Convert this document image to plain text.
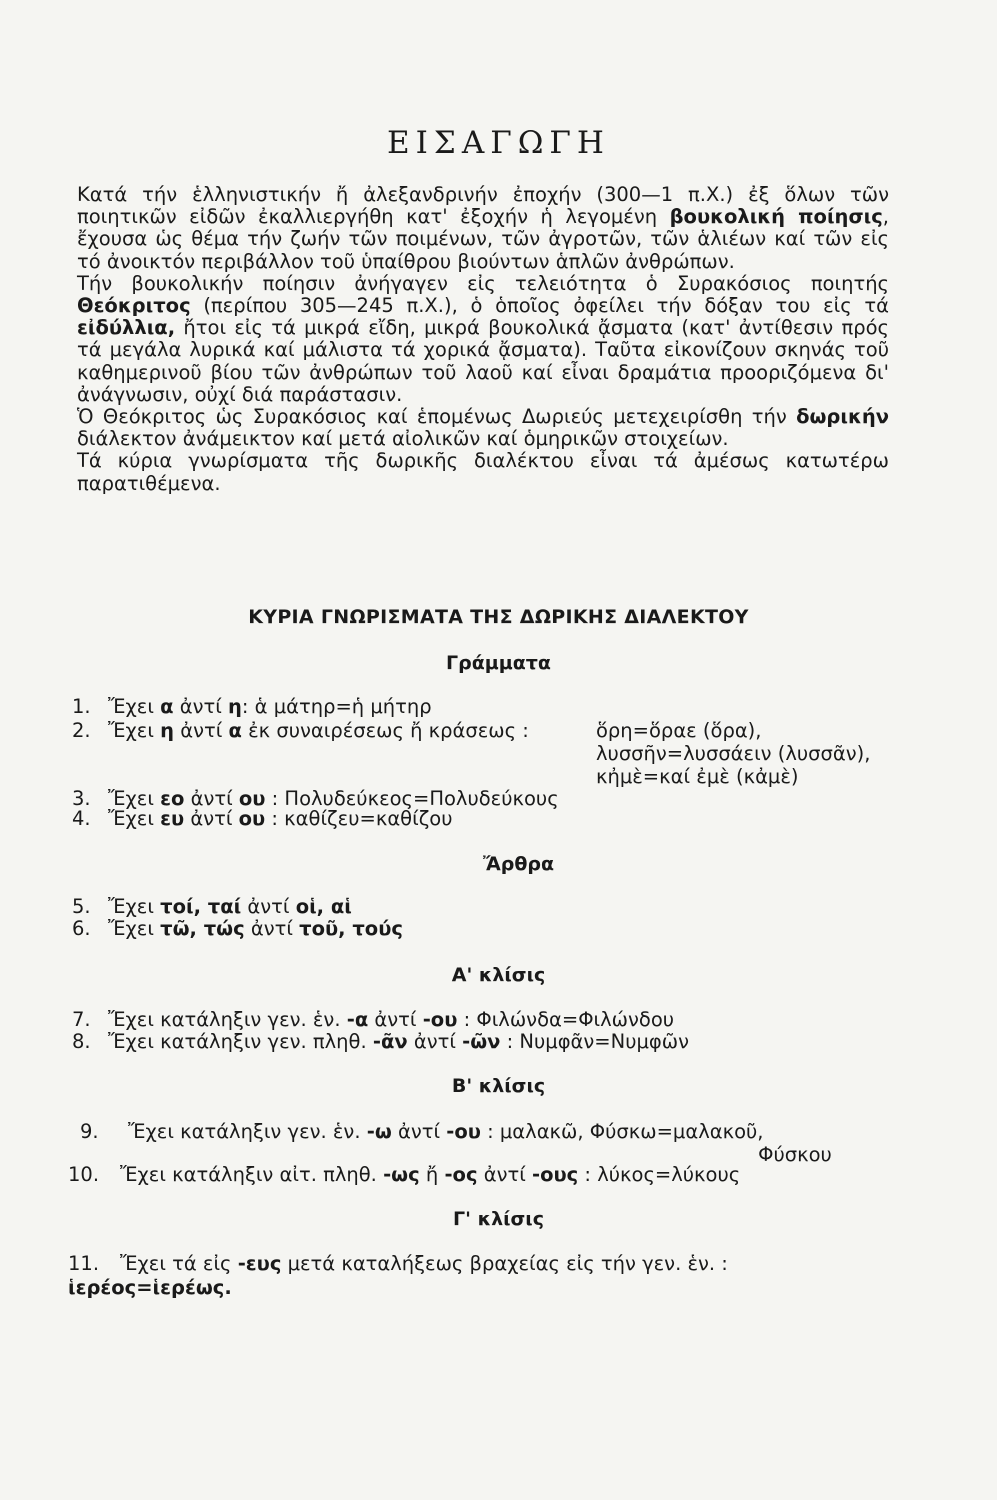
ΕΙΣΑΓΩΓΗ

Κατά τήν ἑλληνιστικήν ἤ ἀλεξανδρινήν ἐποχήν (300—1 π.Χ.) ἐξ ὅλων τῶν ποιητικῶν εἰδῶν ἐκαλλιεργήθη κατ' ἐξοχήν ἡ λεγομένη βουκολική ποίησις, ἔχουσα ὡς θέμα τήν ζωήν τῶν ποιμένων, τῶν ἀγροτῶν, τῶν ἁλιέων καί τῶν εἰς τό ἀνοικτόν περιβάλλον τοῦ ὑπαίθρου βιούντων ἁπλῶν ἀνθρώπων.

Τήν βουκολικήν ποίησιν ἀνήγαγεν εἰς τελειότητα ὁ Συρακόσιος ποιητής Θεόκριτος (περίπου 305—245 π.Χ.), ὁ ὁποῖος ὀφείλει τήν δόξαν του εἰς τά εἰδύλλια, ἤτοι εἰς τά μικρά εἴδη, μικρά βουκολικά ᾄσματα (κατ' ἀντίθεσιν πρός τά μεγάλα λυρικά καί μάλιστα τά χορικά ᾄσματα). Ταῦτα εἰκονίζουν σκηνάς τοῦ καθημερινοῦ βίου τῶν ἀνθρώπων τοῦ λαοῦ καί εἶναι δραμάτια προοριζόμενα δι' ἀνάγνωσιν, οὐχί διά παράστασιν.

Ὁ Θεόκριτος ὡς Συρακόσιος καί ἑπομένως Δωριεύς μετεχειρίσθη τήν δωρικήν διάλεκτον ἀνάμεικτον καί μετά αἰολικῶν καί ὁμηρικῶν στοιχείων.

Τά κύρια γνωρίσματα τῆς δωρικῆς διαλέκτου εἶναι τά ἀμέσως κατωτέρω παρατιθέμενα.

ΚΥΡΙΑ ΓΝΩΡΙΣΜΑΤΑ ΤΗΣ ΔΩΡΙΚΗΣ ΔΙΑΛΕΚΤΟΥ
Γράμματα
1. Ἔχει α ἀντί η: ἁ μάτηρ=ἡ μήτηρ
2. Ἔχει η ἀντί α ἐκ συναιρέσεως ἤ κράσεως :	ὅρη=ὅραε (ὅρα), λυσσῆν=λυσσάειν (λυσσᾶν), κἠμὲ=καί ἐμὲ (κἀμὲ)
3. Ἔχει εο ἀντί ου : Πολυδεύκεος=Πολυδεύκους
4. Ἔχει ευ ἀντί ου : καθίζευ=καθίζου
Ἄρθρα
5. Ἔχει τοί, ταί ἀντί οἱ, αἱ
6. Ἔχει τῶ, τώς ἀντί τοῦ, τούς
Α' κλίσις
7. Ἔχει κατάληξιν γεν. ἑν. -α ἀντί -ου : Φιλώνδα=Φιλώνδου
8. Ἔχει κατάληξιν γεν. πληθ. -ᾶν ἀντί -ῶν : Νυμφᾶν=Νυμφῶν
Β' κλίσις
9. Ἔχει κατάληξιν γεν. ἑν. -ω ἀντί -ου : μαλακῶ, Φύσκω=μαλακοῦ,
Φύσκου
10. Ἔχει κατάληξιν αἰτ. πληθ. -ως ἤ -ος ἀντί -ους : λύκος=λύκους
Γ' κλίσις
11. Ἔχει τά εἰς -ευς μετά καταλήξεως βραχείας εἰς τήν γεν. ἑν. : ἱερέος=ἱερέως.
